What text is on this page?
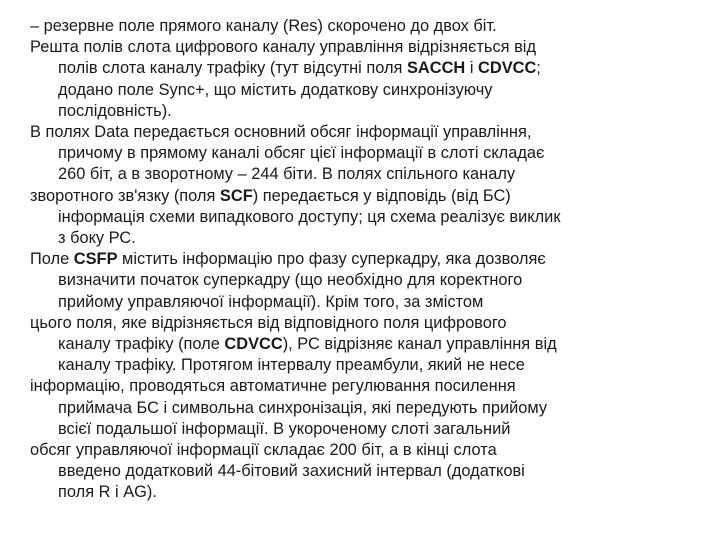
– резервне поле прямого каналу (Res) скорочено до двох біт.
Решта полів слота цифрового каналу управління відрізняється від
полів слота каналу трафіку (тут відсутні поля SACCH і CDVCC;
додано поле Sync+, що містить додаткову синхронізуючу
послідовність).
В полях Data передається основний обсяг інформації управління,
причому в прямому каналі обсяг цієї інформації в слоті складає
260 біт, а в зворотному – 244 біти. В полях спільного каналу
зворотного зв'язку (поля SCF) передається у відповідь (від БС)
інформація схеми випадкового доступу; ця схема реалізує виклик
з боку РС.
Поле CSFP містить інформацію про фазу суперкадру, яка дозволяє
визначити початок суперкадру (що необхідно для коректного
прийому управляючої інформації). Крім того, за змістом
цього поля, яке відрізняється від відповідного поля цифрового
каналу трафіку (поле CDVCC), РС відрізняє канал управління від
каналу трафіку. Протягом інтервалу преамбули, який не несе
інформацію, проводяться автоматичне регулювання посилення
приймача БС і символьна синхронізація, які передують прийому
всієї подальшої інформації. В укороченому слоті загальний
обсяг управляючої інформації складає 200 біт, а в кінці слота
введено додатковий 44-бітовий захисний інтервал (додаткові
поля R і AG).
